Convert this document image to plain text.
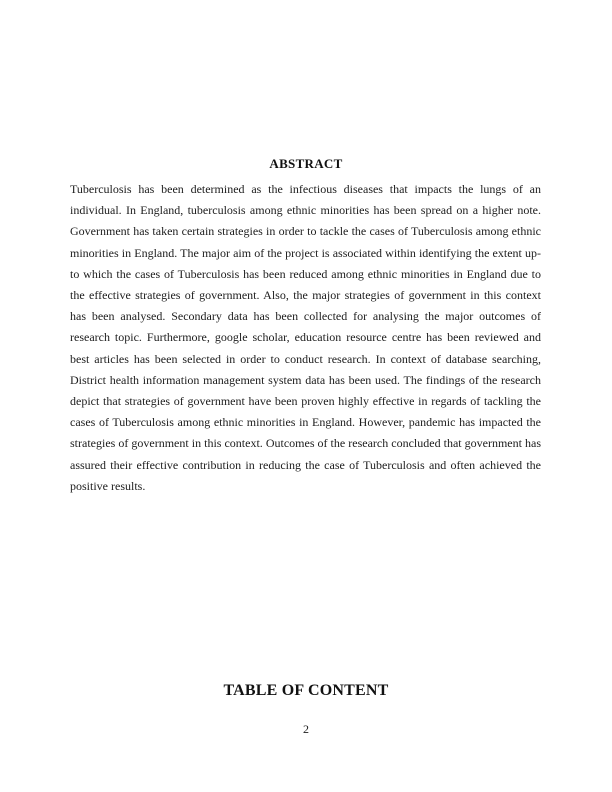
ABSTRACT

Tuberculosis has been determined as the infectious diseases that impacts the lungs of an individual. In England, tuberculosis among ethnic minorities has been spread on a higher note. Government has taken certain strategies in order to tackle the cases of Tuberculosis among ethnic minorities in England. The major aim of the project is associated within identifying the extent up-to which the cases of Tuberculosis has been reduced among ethnic minorities in England due to the effective strategies of government. Also, the major strategies of government in this context has been analysed. Secondary data has been collected for analysing the major outcomes of research topic. Furthermore, google scholar, education resource centre has been reviewed and best articles has been selected in order to conduct research. In context of database searching, District health information management system data has been used. The findings of the research depict that strategies of government have been proven highly effective in regards of tackling the cases of Tuberculosis among ethnic minorities in England. However, pandemic has impacted the strategies of government in this context. Outcomes of the research concluded that government has assured their effective contribution in reducing the case of Tuberculosis and often achieved the positive results.

TABLE OF CONTENT
2
